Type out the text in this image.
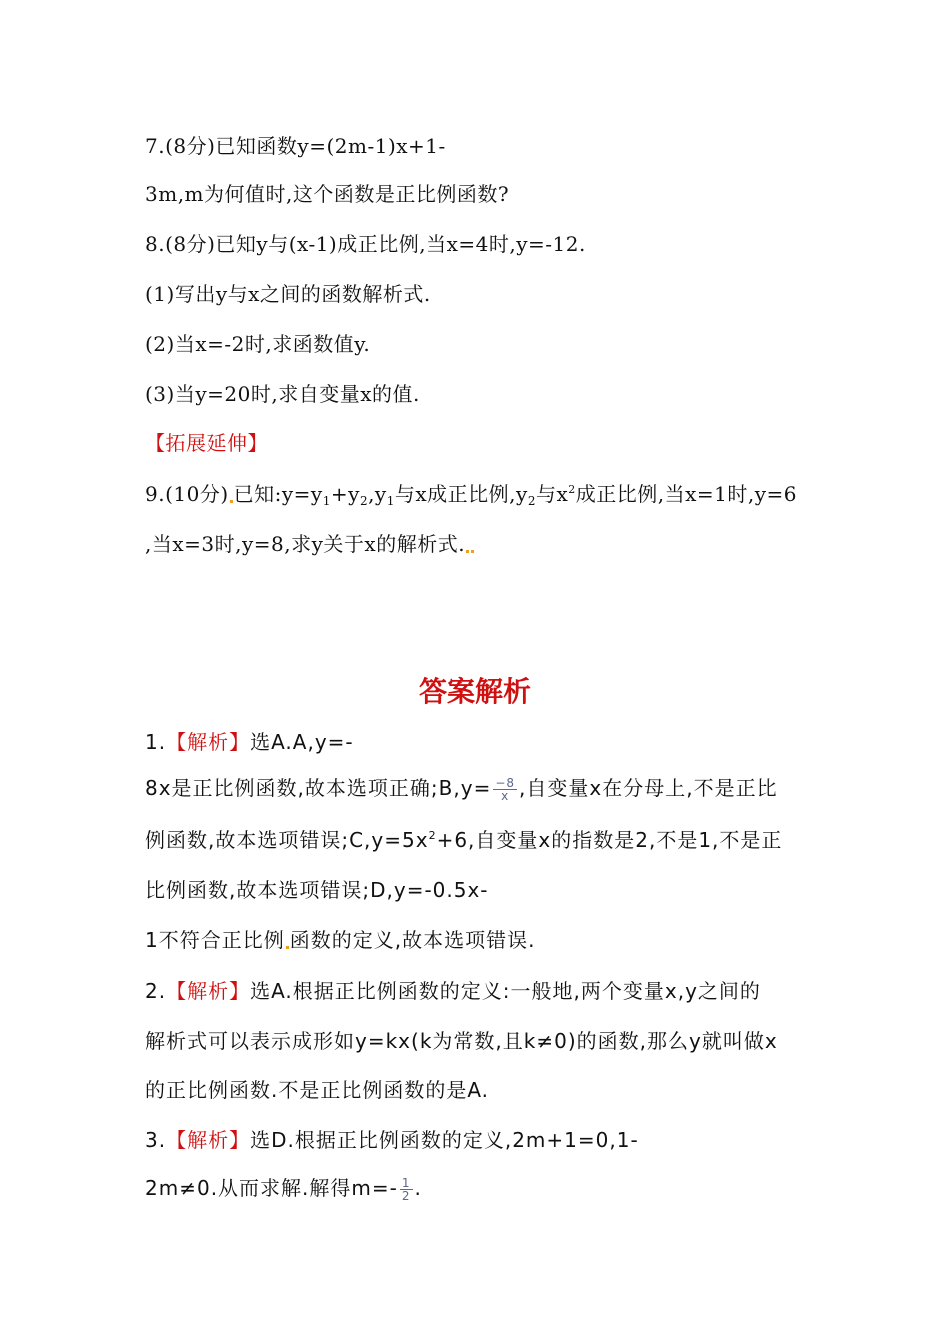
7.(8分)已知函数y=(2m-1)x+1-
3m,m为何值时,这个函数是正比例函数?
8.(8分)已知y与(x-1)成正比例,当x=4时,y=-12.
(1)写出y与x之间的函数解析式.
(2)当x=-2时,求函数值y.
(3)当y=20时,求自变量x的值.
【拓展延伸】
9.(10分) 已知$:y=y_1+y_2,y_1$与x成正比例$,y_2$与$x^2$成正比例,当x=1时,y=6
,当x=3时,y=8,求y关于x的解析式.
答案解析
1.【解析】选A.A,y=-
8x是正比例函数,故本选项正确;B,y= $\frac{-8}{x}$ ,自变量x在分母上,不是正比
例函数,故本选项错误$;C,y=5x^2+6$,自变量x的指数是2,不是1,不是正
比例函数,故本选项错误;D,y=-0.5x-
1不符合正比例 函数的定义,故本选项错误.
2.【解析】选A.根据正比例函数的定义:一般地,两个变量x,y之间的
解析式可以表示成形如y=kx(k为常数,且k≠0)的函数,那么y就叫做x
的正比例函数.不是正比例函数的是A.
3.【解析】选D.根据正比例函数的定义,2m+1=0,1-
2m≠0.从而求解.解得$m=- \frac{1}{2}$ .
